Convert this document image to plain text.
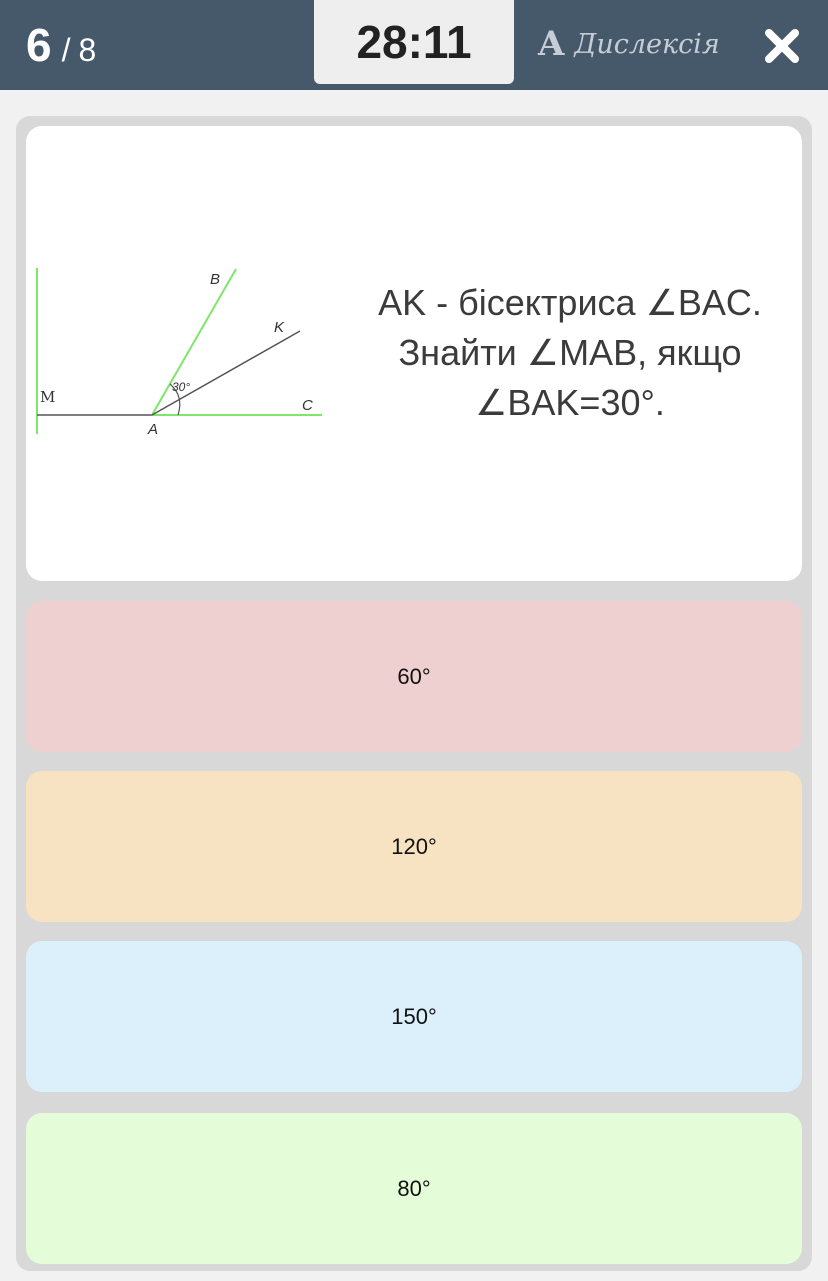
6 / 8	28:11	A Дислексія
M
A
B
K
C
30°
AK - бісектриса ∠BAC. Знайти ∠MAB, якщо ∠BAK=30°.
60°
120°
150°
80°
